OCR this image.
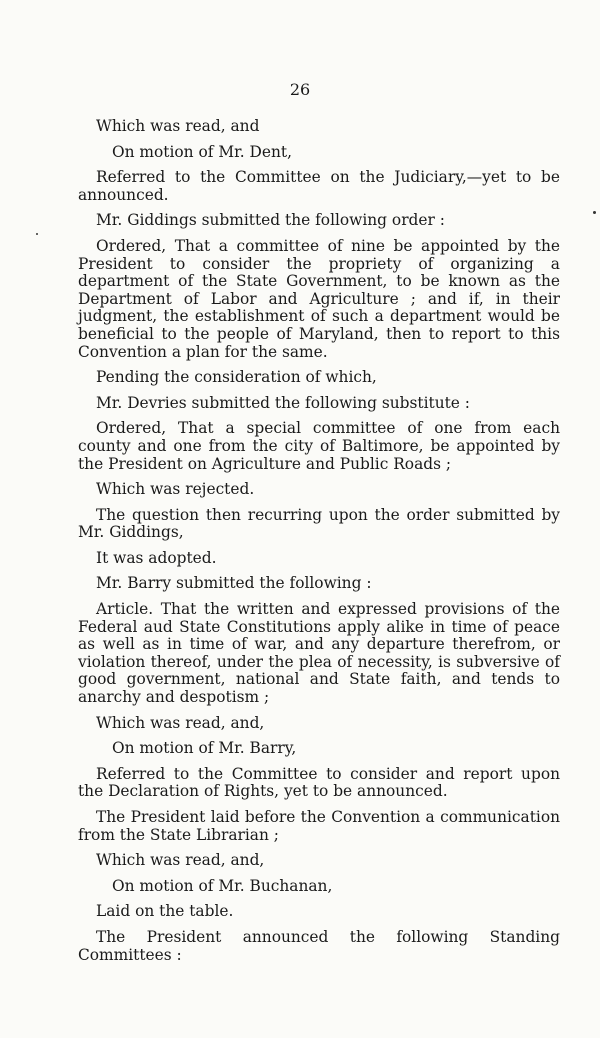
26

Which was read, and

On motion of Mr. Dent,

Referred to the Committee on the Judiciary,—yet to be announced.

Mr. Giddings submitted the following order :

Ordered, That a committee of nine be appointed by the President to consider the propriety of organizing a department of the State Government, to be known as the Department of Labor and Agriculture ; and if, in their judgment, the establishment of such a department would be beneficial to the people of Maryland, then to report to this Convention a plan for the same.

Pending the consideration of which,

Mr. Devries submitted the following substitute :

Ordered, That a special committee of one from each county and one from the city of Baltimore, be appointed by the President on Agriculture and Public Roads ;

Which was rejected.

The question then recurring upon the order submitted by Mr. Giddings,

It was adopted.

Mr. Barry submitted the following :

Article. That the written and expressed provisions of the Federal aud State Constitutions apply alike in time of peace as well as in time of war, and any departure therefrom, or violation thereof, under the plea of necessity, is subversive of good government, national and State faith, and tends to anarchy and despotism ;

Which was read, and,

On motion of Mr. Barry,

Referred to the Committee to consider and report upon the Declaration of Rights, yet to be announced.

The President laid before the Convention a communication from the State Librarian ;

Which was read, and,

On motion of Mr. Buchanan,

Laid on the table.

The President announced the following Standing Committees :
